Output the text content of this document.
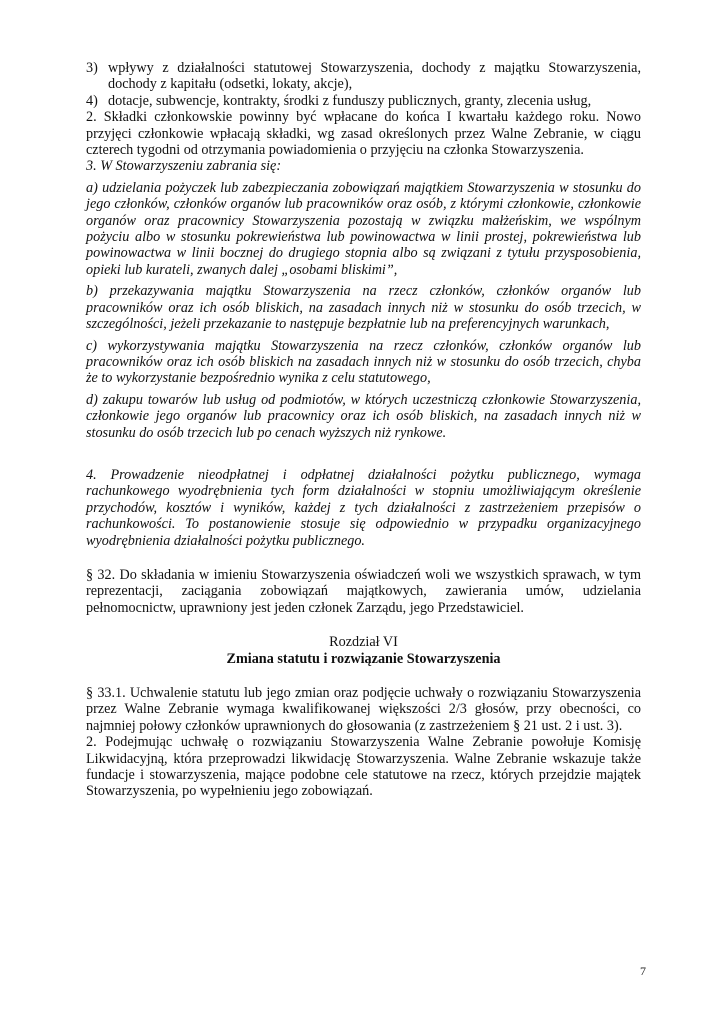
3) wpływy z działalności statutowej Stowarzyszenia, dochody z majątku Stowarzyszenia, dochody z kapitału (odsetki, lokaty, akcje),
4) dotacje, subwencje, kontrakty, środki z funduszy publicznych, granty, zlecenia usług,

2. Składki członkowskie powinny być wpłacane do końca I kwartału każdego roku. Nowo przyjęci członkowie wpłacają składki, wg zasad określonych przez Walne Zebranie, w ciągu czterech tygodni od otrzymania powiadomienia o przyjęciu na członka Stowarzyszenia.

3. W Stowarzyszeniu zabrania się:

a) udzielania pożyczek lub zabezpieczania zobowiązań majątkiem Stowarzyszenia w stosunku do jego członków, członków organów lub pracowników oraz osób, z którymi członkowie, członkowie organów oraz pracownicy Stowarzyszenia pozostają w związku małżeńskim, we wspólnym pożyciu albo w stosunku pokrewieństwa lub powinowactwa w linii prostej, pokrewieństwa lub powinowactwa w linii bocznej do drugiego stopnia albo są związani z tytułu przysposobienia, opieki lub kurateli, zwanych dalej „osobami bliskimi”,

b) przekazywania majątku Stowarzyszenia na rzecz członków, członków organów lub pracowników oraz ich osób bliskich, na zasadach innych niż w stosunku do osób trzecich, w szczególności, jeżeli przekazanie to następuje bezpłatnie lub na preferencyjnych warunkach,

c) wykorzystywania majątku Stowarzyszenia na rzecz członków, członków organów lub pracowników oraz ich osób bliskich na zasadach innych niż w stosunku do osób trzecich, chyba że to wykorzystanie bezpośrednio wynika z celu statutowego,

d) zakupu towarów lub usług od podmiotów, w których uczestniczą członkowie Stowarzyszenia, członkowie jego organów lub pracownicy oraz ich osób bliskich, na zasadach innych niż w stosunku do osób trzecich lub po cenach wyższych niż rynkowe.

4. Prowadzenie nieodpłatnej i odpłatnej działalności pożytku publicznego, wymaga rachunkowego wyodrębnienia tych form działalności w stopniu umożliwiającym określenie przychodów, kosztów i wyników, każdej z tych działalności z zastrzeżeniem przepisów o rachunkowości. To postanowienie stosuje się odpowiednio w przypadku organizacyjnego wyodrębnienia działalności pożytku publicznego.

§ 32. Do składania w imieniu Stowarzyszenia oświadczeń woli we wszystkich sprawach, w tym reprezentacji, zaciągania zobowiązań majątkowych, zawierania umów, udzielania pełnomocnictw, uprawniony jest jeden członek Zarządu, jego Przedstawiciel.

Rozdział VI

Zmiana statutu i rozwiązanie Stowarzyszenia

§ 33.1. Uchwalenie statutu lub jego zmian oraz podjęcie uchwały o rozwiązaniu Stowarzyszenia przez Walne Zebranie wymaga kwalifikowanej większości 2/3 głosów, przy obecności, co najmniej połowy członków uprawnionych do głosowania (z zastrzeżeniem § 21 ust. 2 i ust. 3).

2. Podejmując uchwałę o rozwiązaniu Stowarzyszenia Walne Zebranie powołuje Komisję Likwidacyjną, która przeprowadzi likwidację Stowarzyszenia. Walne Zebranie wskazuje także fundacje i stowarzyszenia, mające podobne cele statutowe na rzecz, których przejdzie majątek Stowarzyszenia, po wypełnieniu jego zobowiązań.

7
